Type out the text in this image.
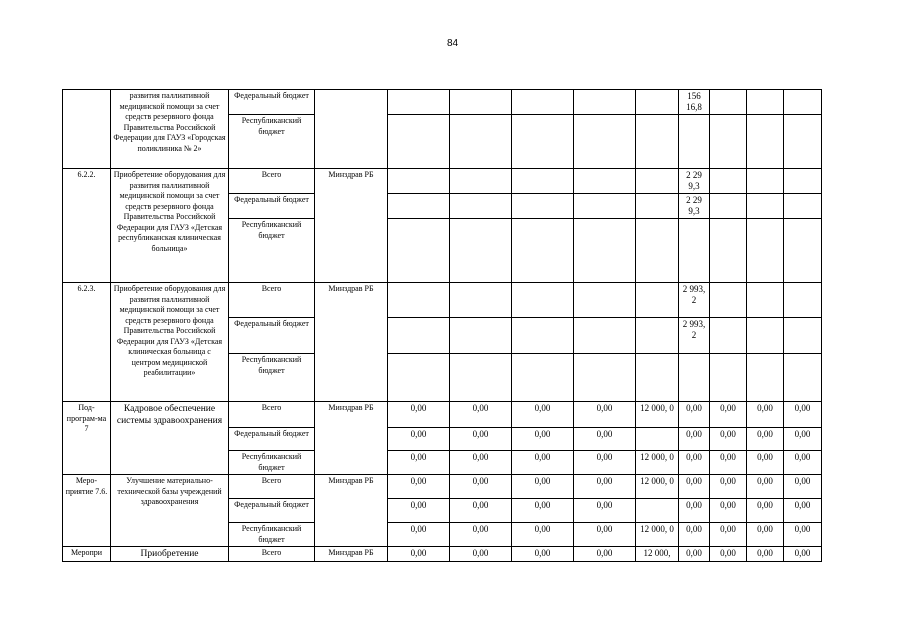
84
	развития паллиативной медицинской помощи за счет средств резервного фонда Правительства Российской Федерации для ГАУЗ «Городская поликлиника № 2»	Федеральный бюджет							156 16,8			
		Республиканский бюджет										
6.2.2.	Приобретение оборудования для развития паллиативной медицинской помощи за счет средств резервного фонда Правительства Российской Федерации для ГАУЗ «Детская республиканская клиническая больница»	Всего	Минздрав РБ						2 29 9,3			
		Федеральный бюджет							2 29 9,3			
		Республиканский бюджет										
6.2.3.	Приобретение оборудования для развития паллиативной медицинской помощи за счет средств резервного фонда Правительства Российской Федерации для ГАУЗ «Детская клиническая больница с центром медицинской реабилитации»	Всего	Минздрав РБ						2 993, 2			
		Федеральный бюджет							2 993, 2			
		Республиканский бюджет										
Под-програм-ма 7	Кадровое обеспечение системы здравоохранения	Всего	Минздрав РБ	0,00	0,00	0,00	0,00	12 000, 0	0,00	0,00	0,00	0,00
		Федеральный бюджет		0,00	0,00	0,00	0,00		0,00	0,00	0,00	0,00
		Республиканский бюджет		0,00	0,00	0,00	0,00	12 000, 0	0,00	0,00	0,00	0,00
Меро-приятие 7.6.	Улучшение материально-технической базы учреждений здравоохранения	Всего	Минздрав РБ	0,00	0,00	0,00	0,00	12 000, 0	0,00	0,00	0,00	0,00
		Федеральный бюджет		0,00	0,00	0,00	0,00		0,00	0,00	0,00	0,00
		Республиканский бюджет		0,00	0,00	0,00	0,00	12 000, 0	0,00	0,00	0,00	0,00
Меропри	Приобретение	Всего	Минздрав РБ	0,00	0,00	0,00	0,00	12 000,	0,00	0,00	0,00	0,00
